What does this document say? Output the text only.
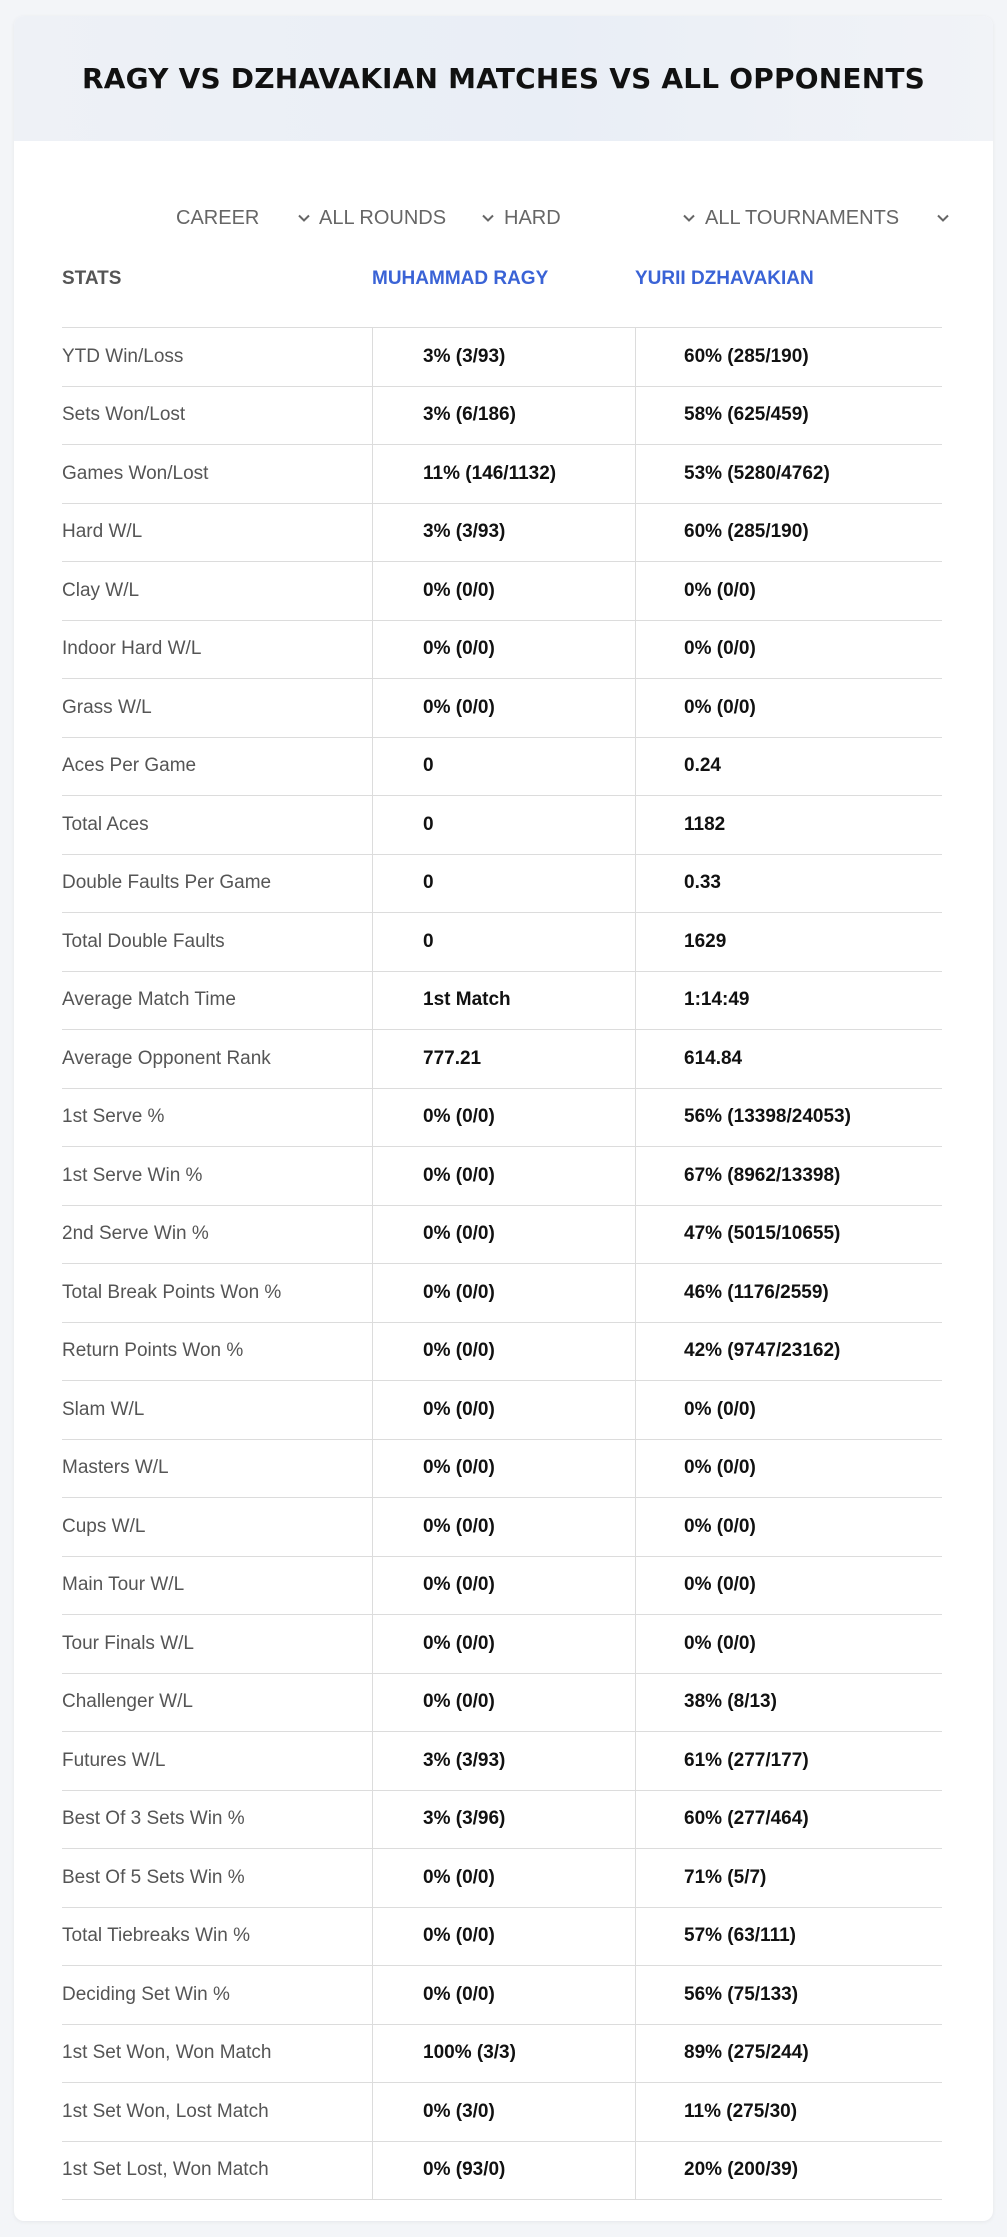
RAGY VS DZHAVAKIAN MATCHES VS ALL OPPONENTS
CAREER	ALL ROUNDS	HARD	ALL TOURNAMENTS
STATS	MUHAMMAD RAGY	YURII DZHAVAKIAN
YTD Win/Loss	3% (3/93)	60% (285/190)
Sets Won/Lost	3% (6/186)	58% (625/459)
Games Won/Lost	11% (146/1132)	53% (5280/4762)
Hard W/L	3% (3/93)	60% (285/190)
Clay W/L	0% (0/0)	0% (0/0)
Indoor Hard W/L	0% (0/0)	0% (0/0)
Grass W/L	0% (0/0)	0% (0/0)
Aces Per Game	0	0.24
Total Aces	0	1182
Double Faults Per Game	0	0.33
Total Double Faults	0	1629
Average Match Time	1st Match	1:14:49
Average Opponent Rank	777.21	614.84
1st Serve %	0% (0/0)	56% (13398/24053)
1st Serve Win %	0% (0/0)	67% (8962/13398)
2nd Serve Win %	0% (0/0)	47% (5015/10655)
Total Break Points Won %	0% (0/0)	46% (1176/2559)
Return Points Won %	0% (0/0)	42% (9747/23162)
Slam W/L	0% (0/0)	0% (0/0)
Masters W/L	0% (0/0)	0% (0/0)
Cups W/L	0% (0/0)	0% (0/0)
Main Tour W/L	0% (0/0)	0% (0/0)
Tour Finals W/L	0% (0/0)	0% (0/0)
Challenger W/L	0% (0/0)	38% (8/13)
Futures W/L	3% (3/93)	61% (277/177)
Best Of 3 Sets Win %	3% (3/96)	60% (277/464)
Best Of 5 Sets Win %	0% (0/0)	71% (5/7)
Total Tiebreaks Win %	0% (0/0)	57% (63/111)
Deciding Set Win %	0% (0/0)	56% (75/133)
1st Set Won, Won Match	100% (3/3)	89% (275/244)
1st Set Won, Lost Match	0% (3/0)	11% (275/30)
1st Set Lost, Won Match	0% (93/0)	20% (200/39)
